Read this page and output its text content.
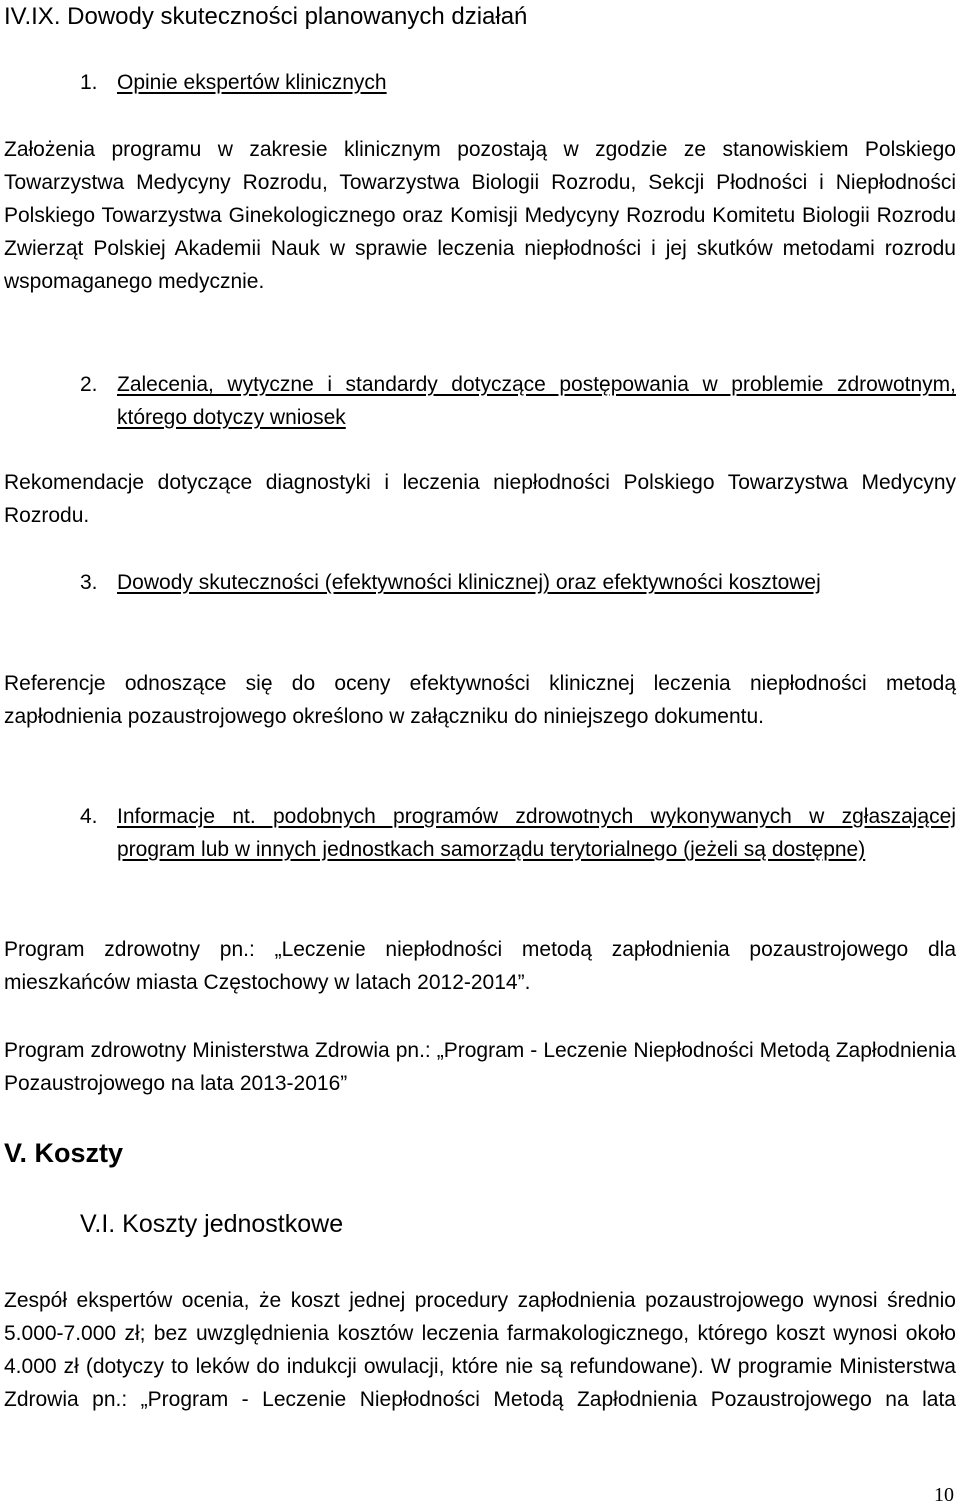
IV.IX. Dowody skuteczności planowanych działań
1. Opinie ekspertów klinicznych

Założenia programu w zakresie klinicznym pozostają w zgodzie ze stanowiskiem Polskiego Towarzystwa Medycyny Rozrodu, Towarzystwa Biologii Rozrodu, Sekcji Płodności i Niepłodności Polskiego Towarzystwa Ginekologicznego oraz Komisji Medycyny Rozrodu Komitetu Biologii Rozrodu Zwierząt Polskiej Akademii Nauk w sprawie leczenia niepłodności i jej skutków metodami rozrodu wspomaganego medycznie.

2. Zalecenia, wytyczne i standardy dotyczące postępowania w problemie zdrowotnym, którego dotyczy wniosek

Rekomendacje dotyczące diagnostyki i leczenia niepłodności Polskiego Towarzystwa Medycyny Rozrodu.

3. Dowody skuteczności (efektywności klinicznej) oraz efektywności kosztowej

Referencje odnoszące się do oceny efektywności klinicznej leczenia niepłodności metodą zapłodnienia pozaustrojowego określono w załączniku do niniejszego dokumentu.

4. Informacje nt. podobnych programów zdrowotnych wykonywanych w zgłaszającej program lub w innych jednostkach samorządu terytorialnego (jeżeli są dostępne)

Program zdrowotny pn.: „Leczenie niepłodności metodą zapłodnienia pozaustrojowego dla mieszkańców miasta Częstochowy w latach 2012-2014”.

Program zdrowotny Ministerstwa Zdrowia pn.: „Program - Leczenie Niepłodności Metodą Zapłodnienia Pozaustrojowego na lata 2013-2016”

V. Koszty
V.I. Koszty jednostkowe

Zespół ekspertów ocenia, że koszt jednej procedury zapłodnienia pozaustrojowego wynosi średnio 5.000-7.000 zł; bez uwzględnienia kosztów leczenia farmakologicznego, którego koszt wynosi około 4.000 zł (dotyczy to leków do indukcji owulacji, które nie są refundowane). W programie Ministerstwa Zdrowia pn.: „Program - Leczenie Niepłodności Metodą Zapłodnienia Pozaustrojowego na lata

10
